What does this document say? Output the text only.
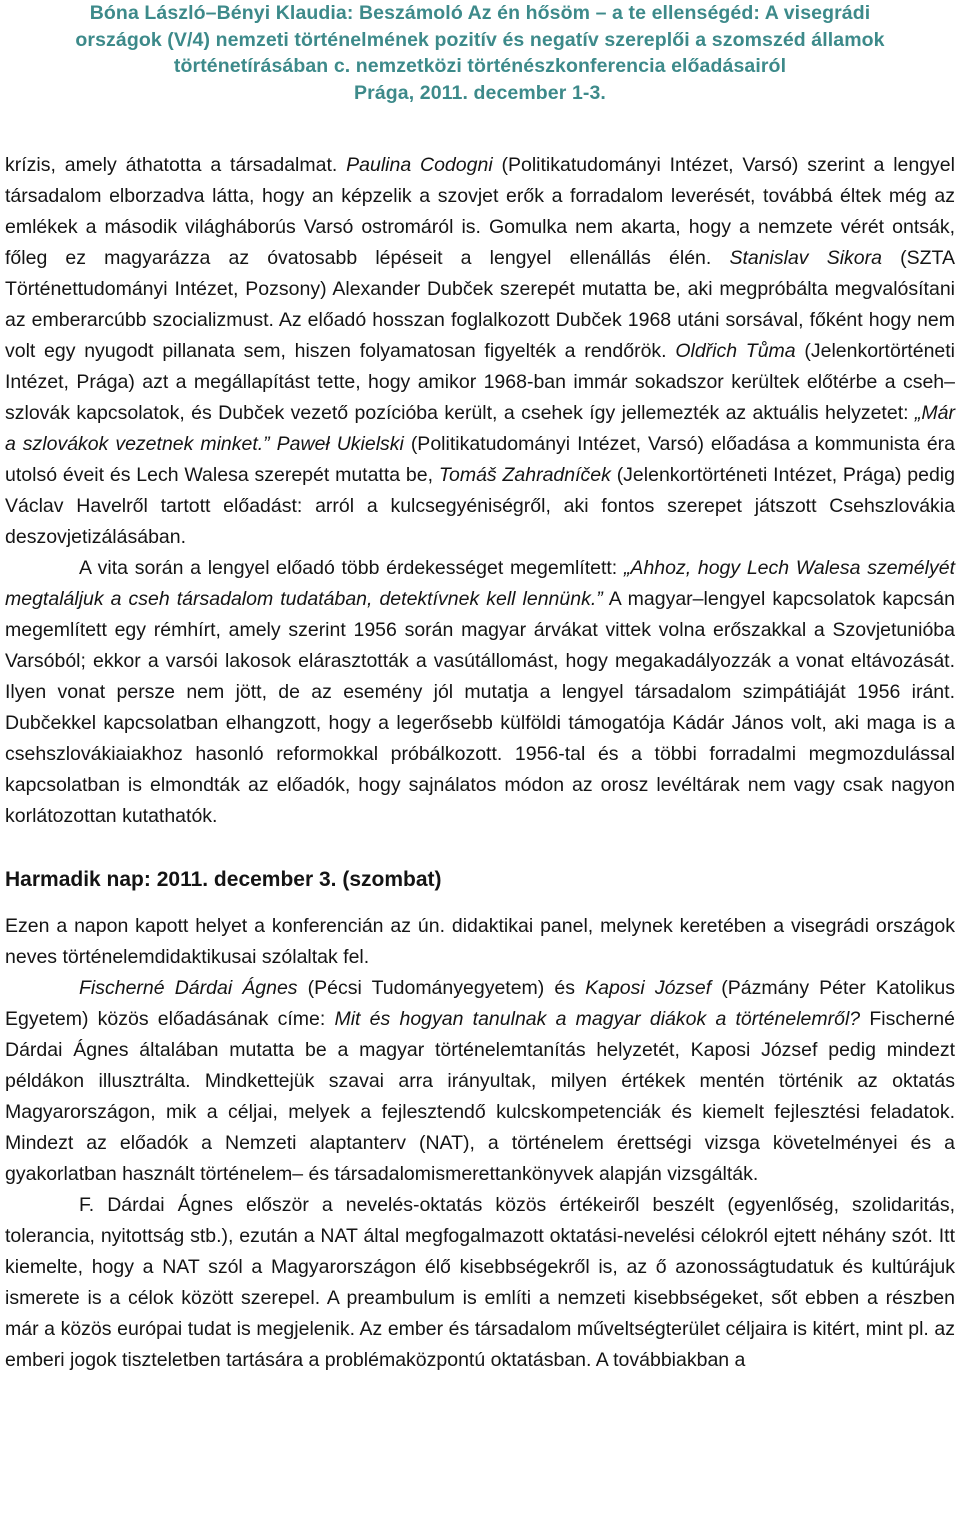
Bóna László–Bényi Klaudia: Beszámoló Az én hősöm – a te ellenségéd: A visegrádi
országok (V/4) nemzeti történelmének pozitív és negatív szereplői a szomszéd államok
történetírásában c. nemzetközi történészkonferencia előadásairól
Prága, 2011. december 1-3.

krízis, amely áthatotta a társadalmat. Paulina Codogni (Politikatudományi Intézet, Varsó) szerint a lengyel társadalom elborzadva látta, hogy an képzelik a szovjet erők a forradalom leverését, továbbá éltek még az emlékek a második világháborús Varsó ostromáról is. Gomulka nem akarta, hogy a nemzete vérét ontsák, főleg ez magyarázza az óvatosabb lépéseit a lengyel ellenállás élén. Stanislav Sikora (SZTA Történettudományi Intézet, Pozsony) Alexander Dubček szerepét mutatta be, aki megpróbálta megvalósítani az emberarcúbb szocializmust. Az előadó hosszan foglalkozott Dubček 1968 utáni sorsával, főként hogy nem volt egy nyugodt pillanata sem, hiszen folyamatosan figyelték a rendőrök. Oldřich Tůma (Jelenkortörténeti Intézet, Prága) azt a megállapítást tette, hogy amikor 1968-ban immár sokadszor kerültek előtérbe a cseh–szlovák kapcsolatok, és Dubček vezető pozícióba került, a csehek így jellemezték az aktuális helyzetet: „Már a szlovákok vezetnek minket.” Paweł Ukielski (Politikatudományi Intézet, Varsó) előadása a kommunista éra utolsó éveit és Lech Walesa szerepét mutatta be, Tomáš Zahradníček (Jelenkortörténeti Intézet, Prága) pedig Václav Havelről tartott előadást: arról a kulcsegyéniségről, aki fontos szerepet játszott Csehszlovákia deszovjetizálásában.

A vita során a lengyel előadó több érdekességet megemlített: „Ahhoz, hogy Lech Walesa személyét megtaláljuk a cseh társadalom tudatában, detektívnek kell lennünk.” A magyar–lengyel kapcsolatok kapcsán megemlített egy rémhírt, amely szerint 1956 során magyar árvákat vittek volna erőszakkal a Szovjetunióba Varsóból; ekkor a varsói lakosok elárasztották a vasútállomást, hogy megakadályozzák a vonat eltávozását. Ilyen vonat persze nem jött, de az esemény jól mutatja a lengyel társadalom szimpátiáját 1956 iránt. Dubčekkel kapcsolatban elhangzott, hogy a legerősebb külföldi támogatója Kádár János volt, aki maga is a csehszlovákiaiakhoz hasonló reformokkal próbálkozott. 1956-tal és a többi forradalmi megmozdulással kapcsolatban is elmondták az előadók, hogy sajnálatos módon az orosz levéltárak nem vagy csak nagyon korlátozottan kutathatók.

Harmadik nap: 2011. december 3. (szombat)

Ezen a napon kapott helyet a konferencián az ún. didaktikai panel, melynek keretében a visegrádi országok neves történelemdidaktikusai szólaltak fel.

Fischerné Dárdai Ágnes (Pécsi Tudományegyetem) és Kaposi József (Pázmány Péter Katolikus Egyetem) közös előadásának címe: Mit és hogyan tanulnak a magyar diákok a történelemről? Fischerné Dárdai Ágnes általában mutatta be a magyar történelemtanítás helyzetét, Kaposi József pedig mindezt példákon illusztrálta. Mindkettejük szavai arra irányultak, milyen értékek mentén történik az oktatás Magyarországon, mik a céljai, melyek a fejlesztendő kulcskompetenciák és kiemelt fejlesztési feladatok. Mindezt az előadók a Nemzeti alaptanterv (NAT), a történelem érettségi vizsga követelményei és a gyakorlatban használt történelem– és társadalomismerettankönyvek alapján vizsgálták.

F. Dárdai Ágnes először a nevelés-oktatás közös értékeiről beszélt (egyenlőség, szolidaritás, tolerancia, nyitottság stb.), ezután a NAT által megfogalmazott oktatási-nevelési célokról ejtett néhány szót. Itt kiemelte, hogy a NAT szól a Magyarországon élő kisebbségekről is, az ő azonosságtudatuk és kultúrájuk ismerete is a célok között szerepel. A preambulum is említi a nemzeti kisebbségeket, sőt ebben a részben már a közös európai tudat is megjelenik. Az ember és társadalom műveltségterület céljaira is kitért, mint pl. az emberi jogok tiszteletben tartására a problémaközpontú oktatásban. A továbbiakban a
